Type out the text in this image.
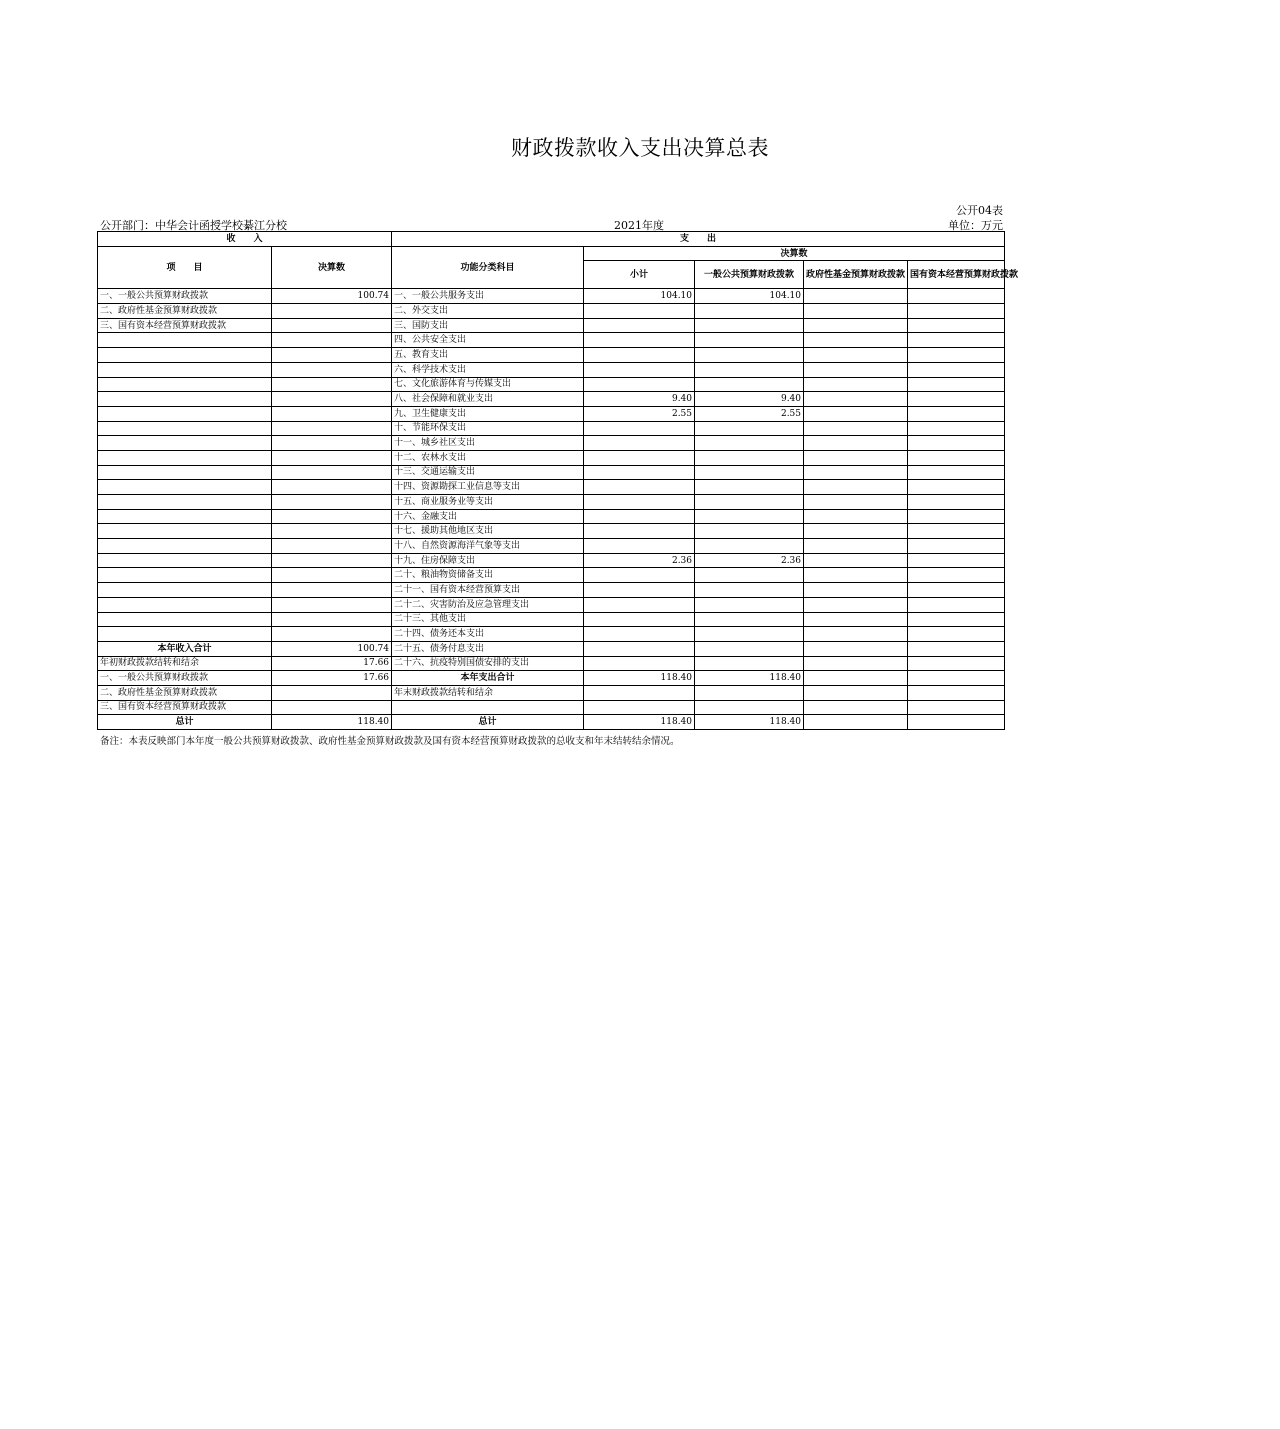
财政拨款收入支出决算总表
公开04表
公开部门：中华会计函授学校綦江分校	2021年度	单位：万元
收　　入		支　　出				
项　　目	决算数	功能分类科目	决算数			
			小计	一般公共预算财政拨款	政府性基金预算财政拨款	国有资本经营预算财政拨款
一、一般公共预算财政拨款	100.74	一、一般公共服务支出	104.10	104.10		
二、政府性基金预算财政拨款		二、外交支出				
三、国有资本经营预算财政拨款		三、国防支出				
		四、公共安全支出				
		五、教育支出				
		六、科学技术支出				
		七、文化旅游体育与传媒支出				
		八、社会保障和就业支出	9.40	9.40		
		九、卫生健康支出	2.55	2.55		
		十、节能环保支出				
		十一、城乡社区支出				
		十二、农林水支出				
		十三、交通运输支出				
		十四、资源勘探工业信息等支出				
		十五、商业服务业等支出				
		十六、金融支出				
		十七、援助其他地区支出				
		十八、自然资源海洋气象等支出				
		十九、住房保障支出	2.36	2.36		
		二十、粮油物资储备支出				
		二十一、国有资本经营预算支出				
		二十二、灾害防治及应急管理支出				
		二十三、其他支出				
		二十四、债务还本支出				
本年收入合计	100.74	二十五、债务付息支出				
年初财政拨款结转和结余	17.66	二十六、抗疫特别国债安排的支出				
一、一般公共预算财政拨款	17.66	本年支出合计	118.40	118.40		
二、政府性基金预算财政拨款		年末财政拨款结转和结余				
三、国有资本经营预算财政拨款						
总计	118.40	总计	118.40	118.40		
备注：本表反映部门本年度一般公共预算财政拨款、政府性基金预算财政拨款及国有资本经营预算财政拨款的总收支和年末结转结余情况。
